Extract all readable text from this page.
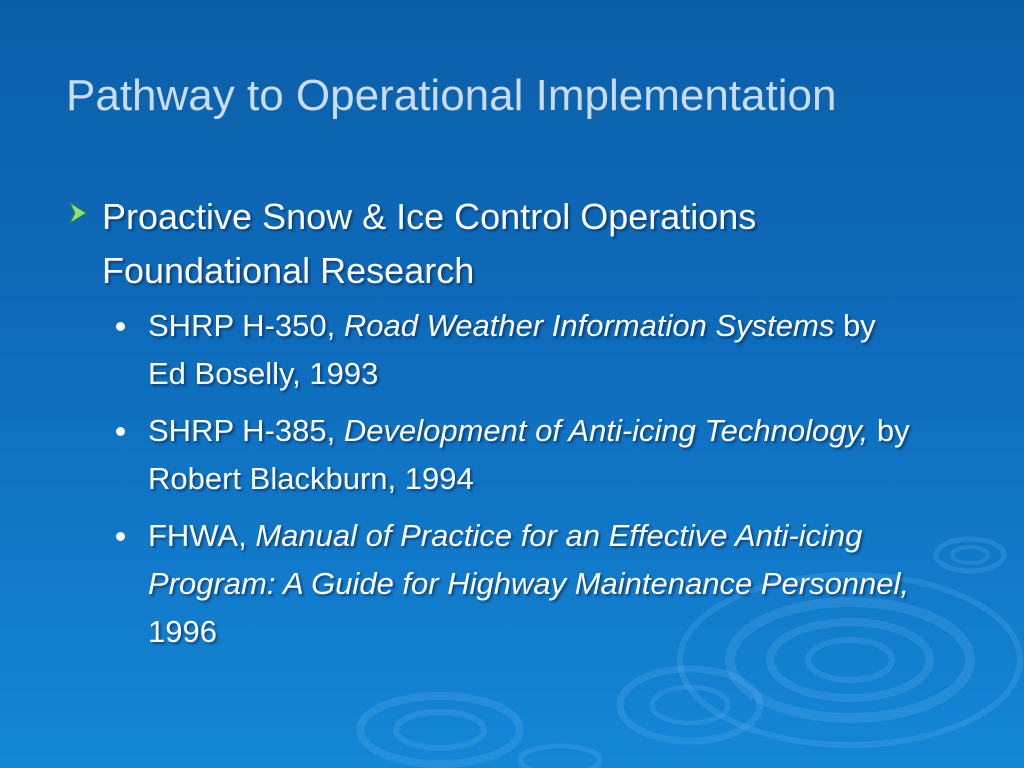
Pathway to Operational Implementation
Proactive Snow & Ice Control Operations
Foundational Research
SHRP H-350, Road Weather Information Systems by Ed Boselly, 1993
SHRP H-385, Development of Anti-icing Technology, by Robert Blackburn, 1994
FHWA, Manual of Practice for an Effective Anti-icing Program: A Guide for Highway Maintenance Personnel, 1996
